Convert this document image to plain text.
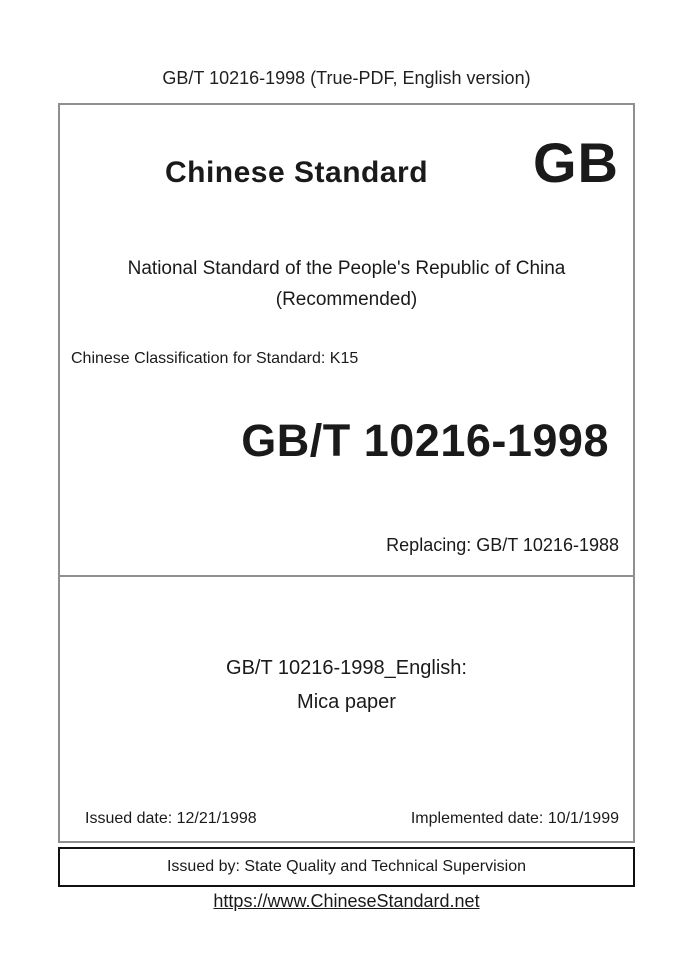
GB/T 10216-1998 (True-PDF, English version)
Chinese Standard	GB
National Standard of the People's Republic of China
(Recommended)
Chinese Classification for Standard: K15
GB/T 10216-1998
Replacing: GB/T 10216-1988
GB/T 10216-1998_English:
Mica paper
Issued date: 12/21/1998	Implemented date: 10/1/1999
Issued by: State Quality and Technical Supervision
https://www.ChineseStandard.net
